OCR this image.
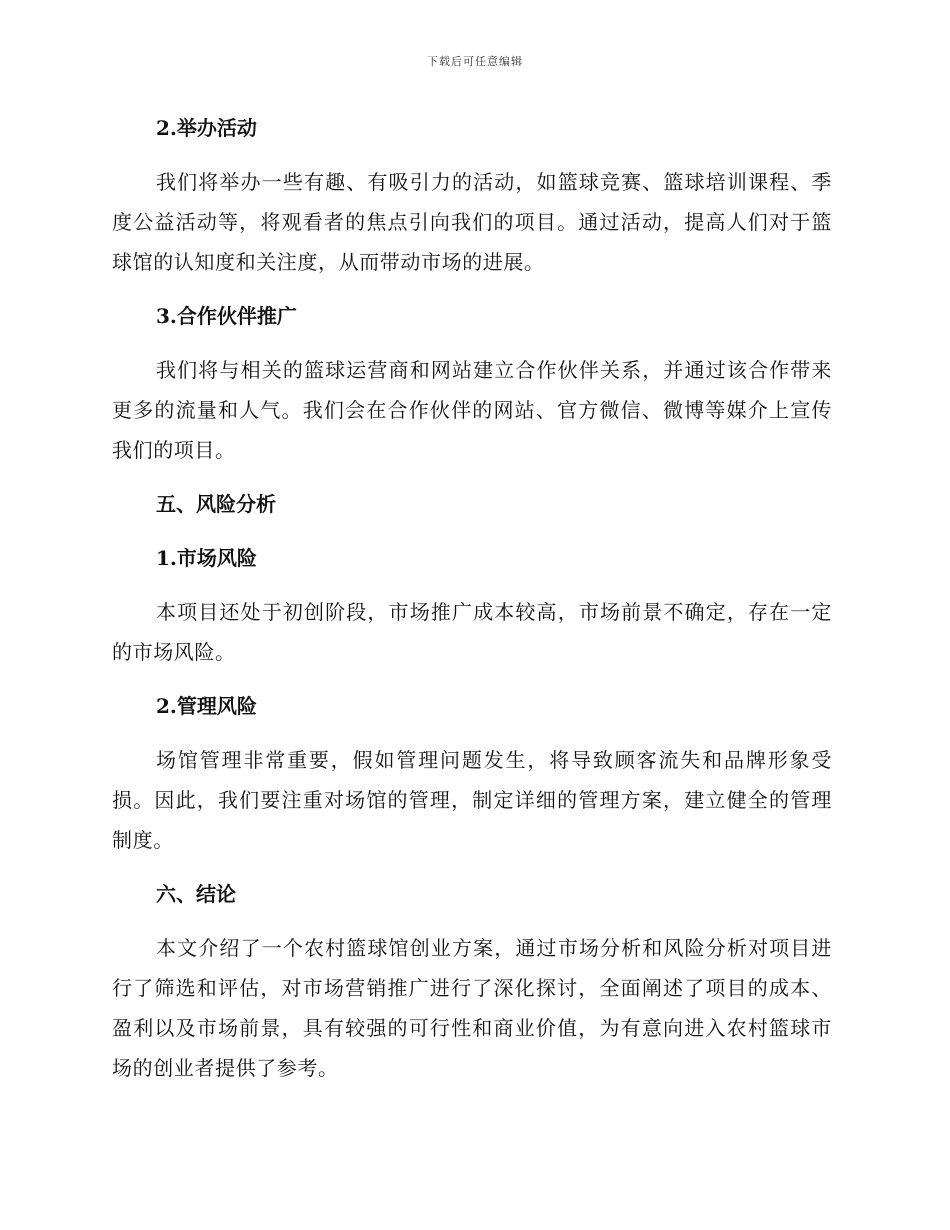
下载后可任意编辑
2.举办活动

我们将举办一些有趣、有吸引力的活动，如篮球竞赛、篮球培训课程、季度公益活动等，将观看者的焦点引向我们的项目。通过活动，提高人们对于篮球馆的认知度和关注度，从而带动市场的进展。

3.合作伙伴推广

我们将与相关的篮球运营商和网站建立合作伙伴关系，并通过该合作带来更多的流量和人气。我们会在合作伙伴的网站、官方微信、微博等媒介上宣传我们的项目。

五、风险分析
1.市场风险

本项目还处于初创阶段，市场推广成本较高，市场前景不确定，存在一定的市场风险。

2.管理风险

场馆管理非常重要，假如管理问题发生，将导致顾客流失和品牌形象受损。因此，我们要注重对场馆的管理，制定详细的管理方案，建立健全的管理制度。

六、结论

本文介绍了一个农村篮球馆创业方案，通过市场分析和风险分析对项目进行了筛选和评估，对市场营销推广进行了深化探讨，全面阐述了项目的成本、盈利以及市场前景，具有较强的可行性和商业价值，为有意向进入农村篮球市场的创业者提供了参考。
